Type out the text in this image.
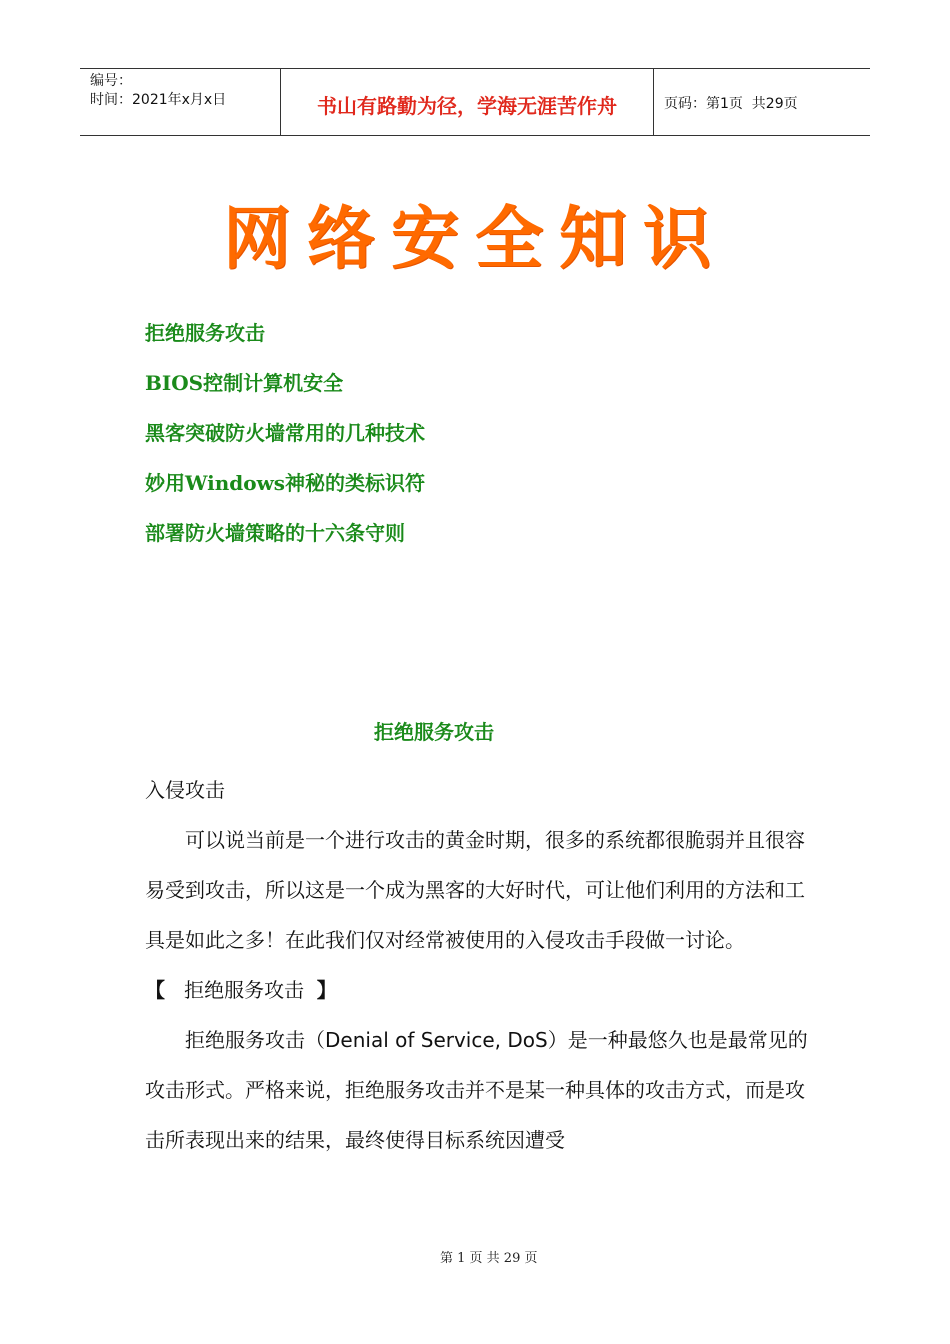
编号：
时间：2021年x月x日	书山有路勤为径，学海无涯苦作舟	页码：第1页  共29页
网络安全知识
拒绝服务攻击
BIOS控制计算机安全
黑客突破防火墙常用的几种技术
妙用Windows神秘的类标识符
部署防火墙策略的十六条守则
拒绝服务攻击

入侵攻击

可以说当前是一个进行攻击的黄金时期，很多的系统都很脆弱并且很容易受到攻击，所以这是一个成为黑客的大好时代，可让他们利用的方法和工具是如此之多！在此我们仅对经常被使用的入侵攻击手段做一讨论。

【 拒绝服务攻击 】

拒绝服务攻击（Denial of Service, DoS）是一种最悠久也是最常见的攻击形式。严格来说，拒绝服务攻击并不是某一种具体的攻击方式，而是攻击所表现出来的结果，最终使得目标系统因遭受

第 1 页 共 29 页
